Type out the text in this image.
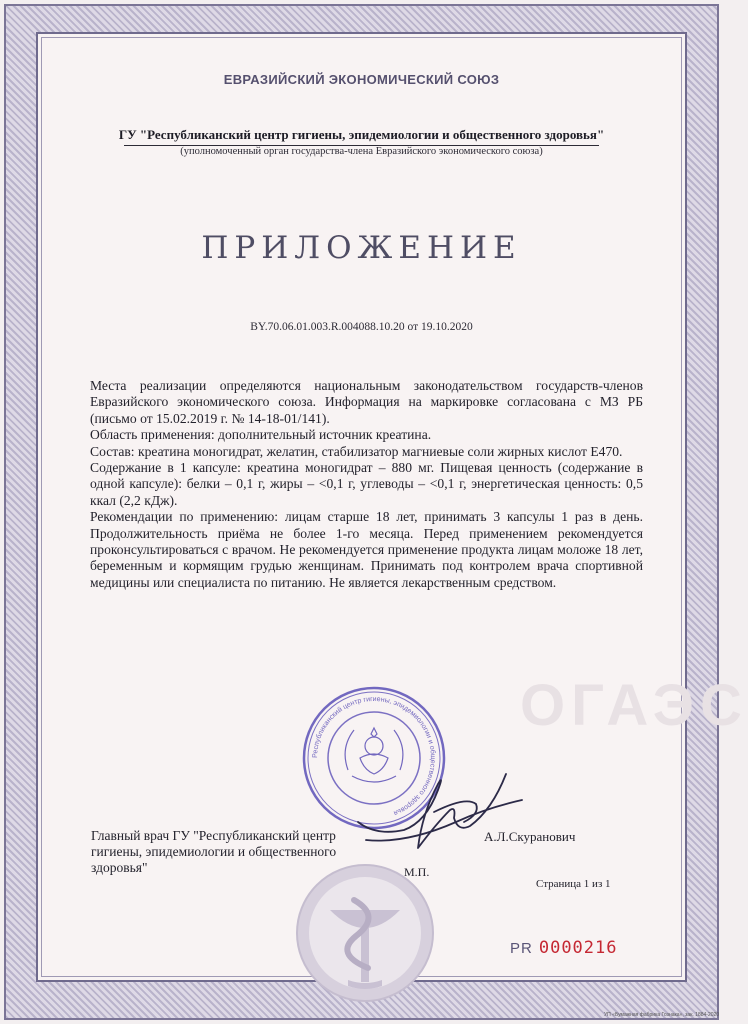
ОГАЭС
ЕВРАЗИЙСКИЙ ЭКОНОМИЧЕСКИЙ СОЮЗ
ГУ "Республиканский центр гигиены, эпидемиологии и общественного здоровья"
(уполномоченный орган государства-члена Евразийского экономического союза)
ПРИЛОЖЕНИЕ
BY.70.06.01.003.R.004088.10.20 от 19.10.2020

Места реализации определяются национальным законодательством государств-членов Евразийского экономического союза. Информация на маркировке согласована с МЗ РБ (письмо от 15.02.2019 г. № 14-18-01/141).

Область применения: дополнительный источник креатина.

Состав: креатина моногидрат, желатин, стабилизатор магниевые соли жирных кислот Е470.

Содержание в 1 капсуле: креатина моногидрат – 880 мг. Пищевая ценность (содержание в одной капсуле): белки – 0,1 г, жиры – <0,1 г, углеводы – <0,1 г, энергетическая ценность: 0,5 ккал (2,2 кДж).

Рекомендации по применению: лицам старше 18 лет, принимать 3 капсулы 1 раз в день. Продолжительность приёма не более 1-го месяца. Перед применением рекомендуется проконсультироваться с врачом. Не рекомендуется применение продукта лицам моложе 18 лет, беременным и кормящим грудью женщинам. Принимать под контролем врача спортивной медицины или специалиста по питанию. Не является лекарственным средством.

Республиканский центр гигиены, эпидемиологии и общественного здоровья
Главный врач ГУ "Республиканский центр гигиены, эпидемиологии и общественного здоровья"
А.Л.Скуранович
М.П.
Страница 1 из 1
PR 0000216
УП «Бумажная фабрика Гознака», зак. 1884-2020
